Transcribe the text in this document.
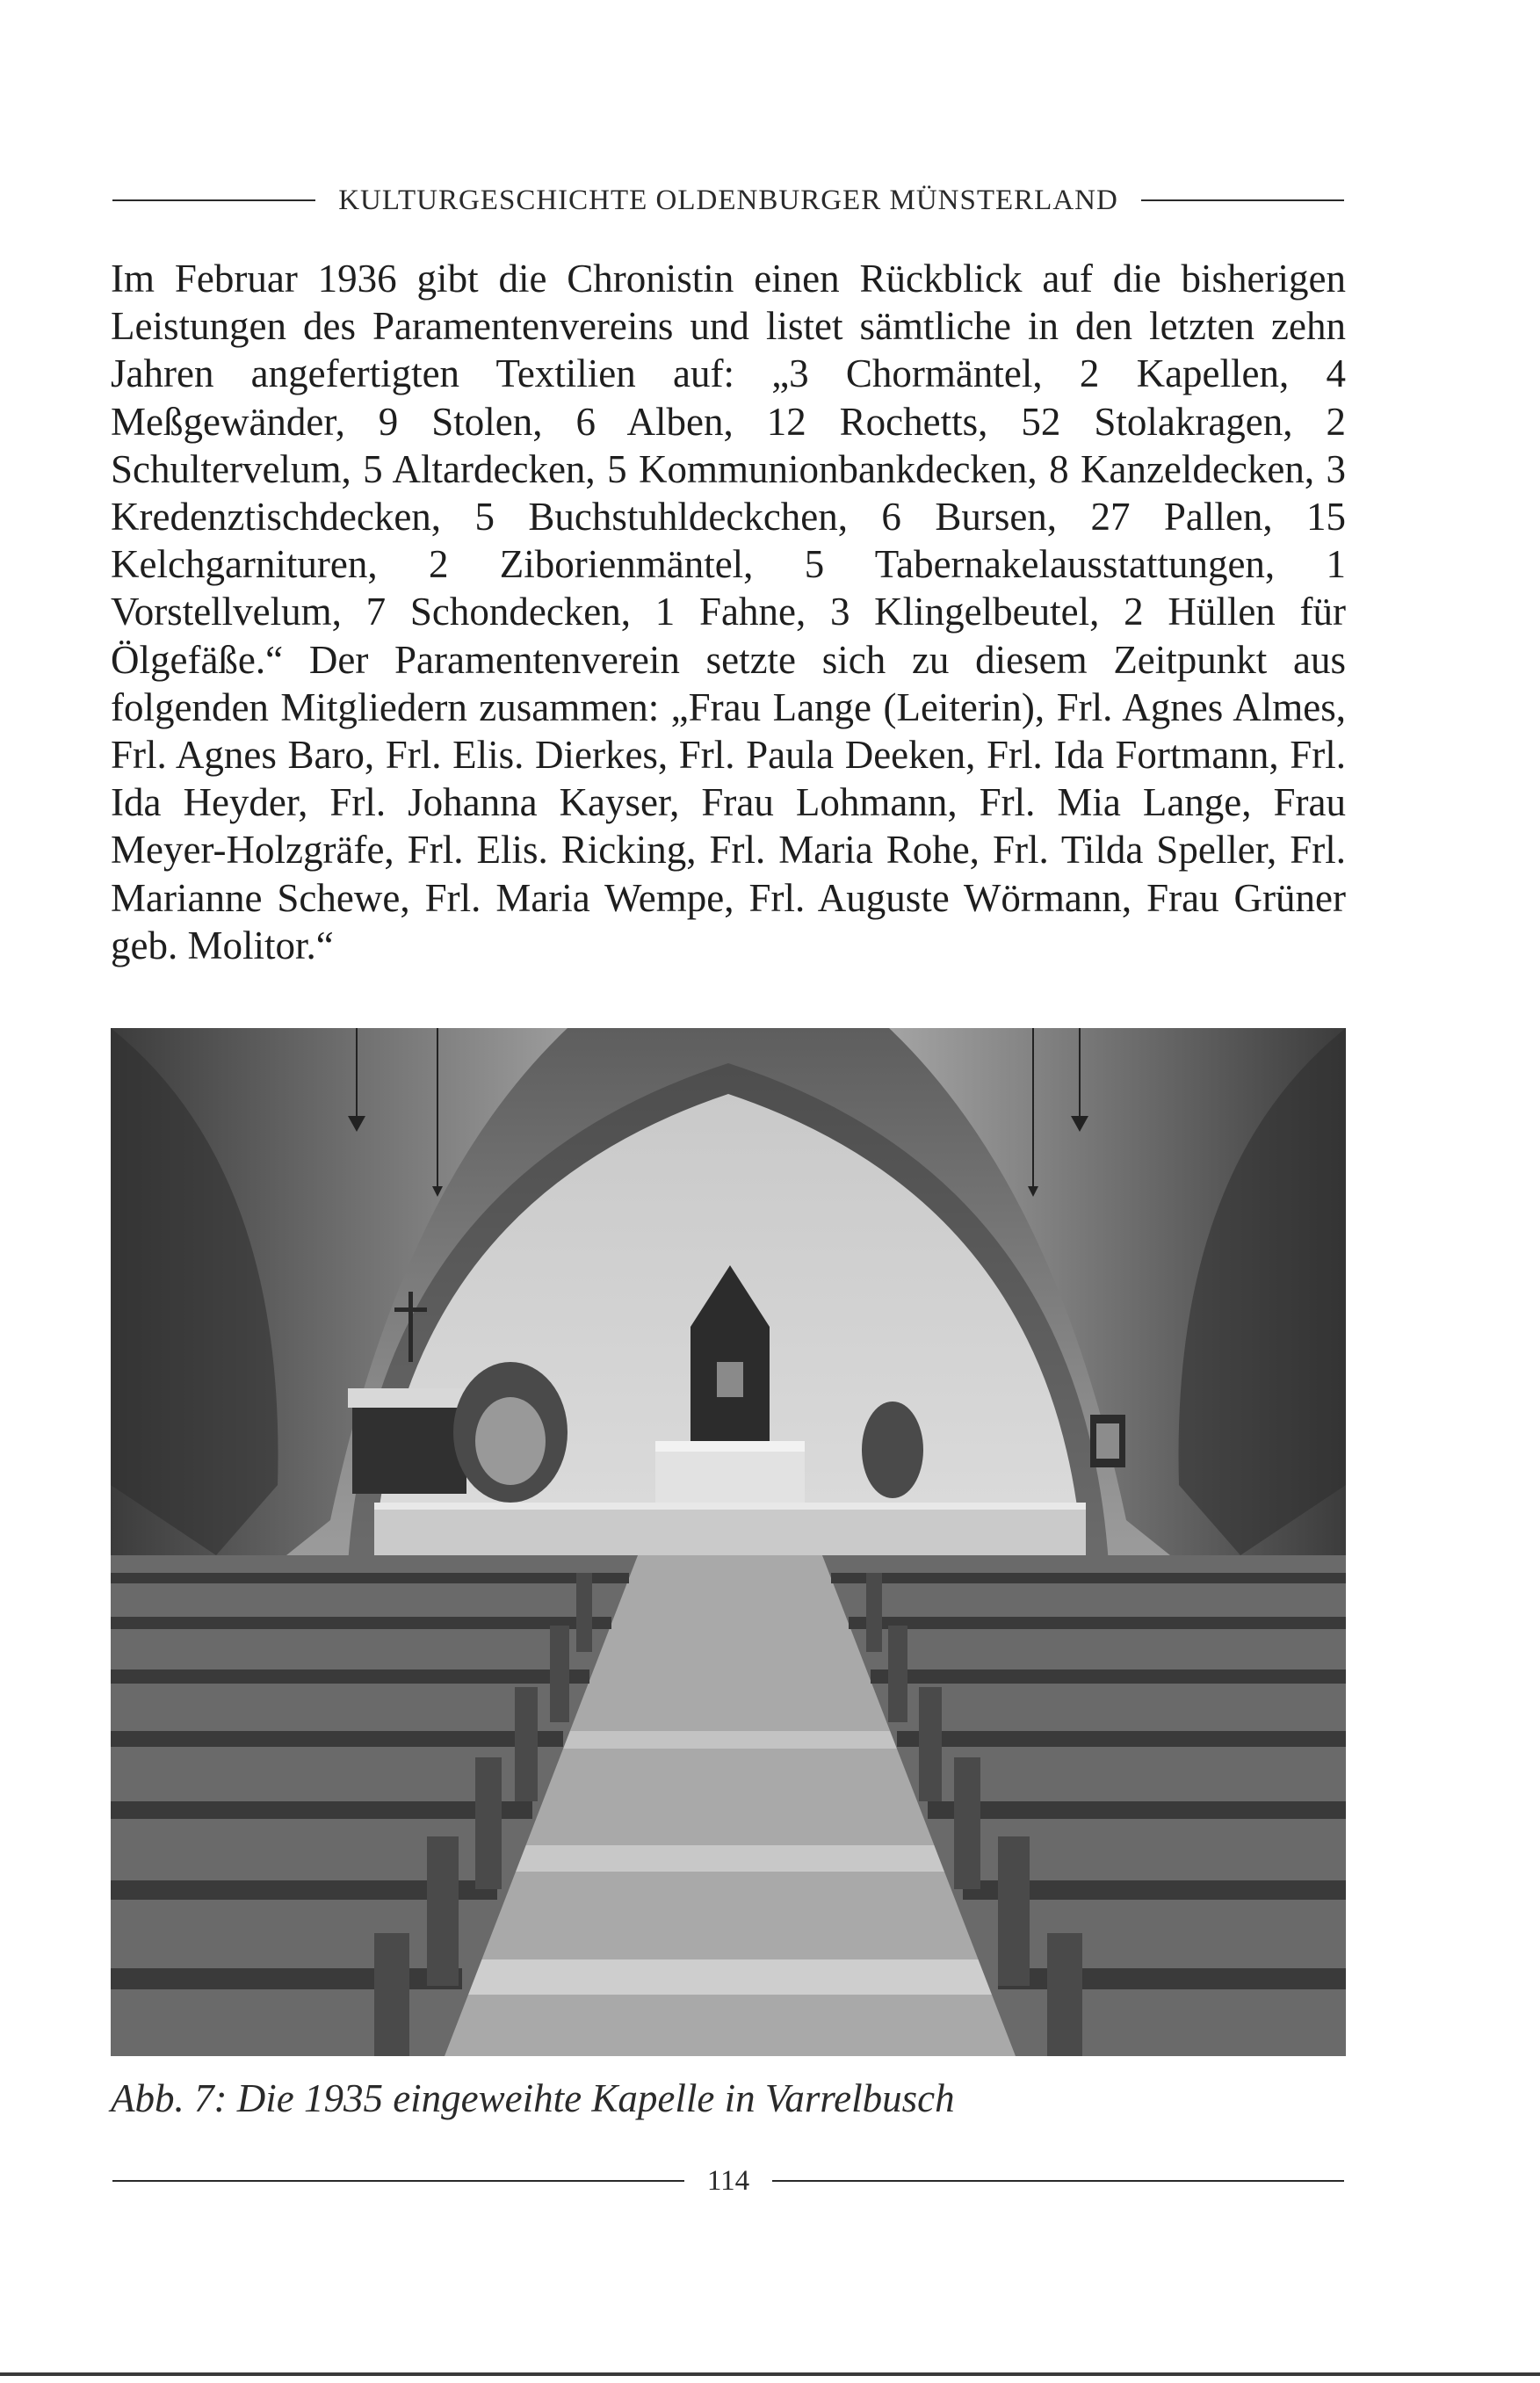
KULTURGESCHICHTE OLDENBURGER MÜNSTERLAND

Im Februar 1936 gibt die Chronistin einen Rückblick auf die bisherigen Leistungen des Paramentenvereins und listet sämtliche in den letzten zehn Jahren angefertigten Textilien auf: „3 Chormäntel, 2 Kapellen, 4 Meßgewänder, 9 Stolen, 6 Alben, 12 Rochetts, 52 Stolakragen, 2 Schultervelum, 5 Altardecken, 5 Kommunionbankdecken, 8 Kanzeldecken, 3 Kredenztischdecken, 5 Buchstuhldeckchen, 6 Bursen, 27 Pallen, 15 Kelchgarnituren, 2 Ziborienmäntel, 5 Tabernakelausstattungen, 1 Vorstellvelum, 7 Schondecken, 1 Fahne, 3 Klingelbeutel, 2 Hüllen für Ölgefäße.“ Der Paramentenverein setzte sich zu diesem Zeitpunkt aus folgenden Mitgliedern zusammen: „Frau Lange (Leiterin), Frl. Agnes Almes, Frl. Agnes Baro, Frl. Elis. Dierkes, Frl. Paula Deeken, Frl. Ida Fortmann, Frl. Ida Heyder, Frl. Johanna Kayser, Frau Lohmann, Frl. Mia Lange, Frau Meyer-Holzgräfe, Frl. Elis. Ricking, Frl. Maria Rohe, Frl. Tilda Speller, Frl. Marianne Schewe, Frl. Maria Wempe, Frl. Auguste Wörmann, Frau Grüner geb. Molitor.“

Abb. 7: Die 1935 eingeweihte Kapelle in Varrelbusch
114
